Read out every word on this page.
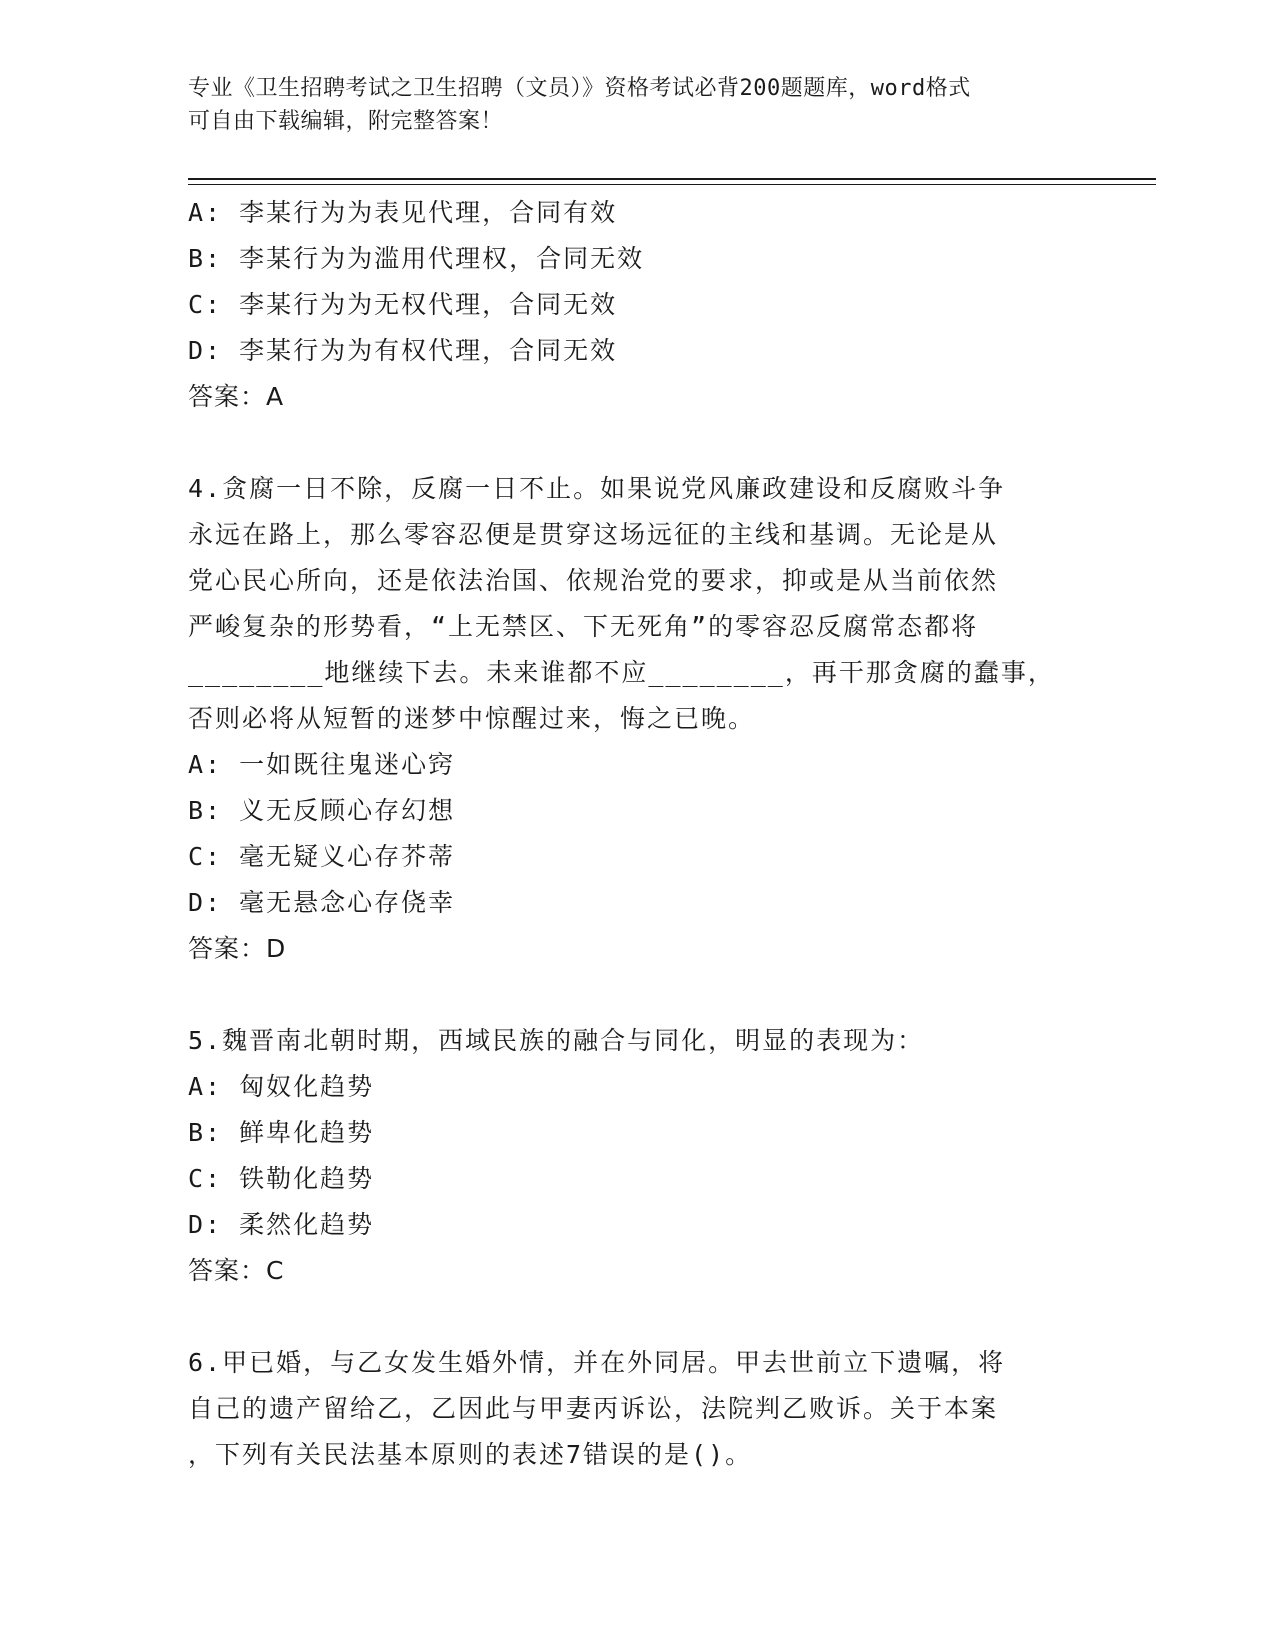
专业《卫生招聘考试之卫生招聘（文员）》资格考试必背200题题库，word格式
可自由下载编辑，附完整答案！
A: 李某行为为表见代理，合同有效
B: 李某行为为滥用代理权，合同无效
C: 李某行为为无权代理，合同无效
D: 李某行为为有权代理，合同无效
答案：A
4.贪腐一日不除，反腐一日不止。如果说党风廉政建设和反腐败斗争
永远在路上，那么零容忍便是贯穿这场远征的主线和基调。无论是从
党心民心所向，还是依法治国、依规治党的要求，抑或是从当前依然
严峻复杂的形势看，“上无禁区、下无死角”的零容忍反腐常态都将
________地继续下去。未来谁都不应________，再干那贪腐的蠢事，
否则必将从短暂的迷梦中惊醒过来，悔之已晚。
A: 一如既往鬼迷心窍
B: 义无反顾心存幻想
C: 毫无疑义心存芥蒂
D: 毫无悬念心存侥幸
答案：D
5.魏晋南北朝时期，西域民族的融合与同化，明显的表现为：
A: 匈奴化趋势
B: 鲜卑化趋势
C: 铁勒化趋势
D: 柔然化趋势
答案：C
6.甲已婚，与乙女发生婚外情，并在外同居。甲去世前立下遗嘱，将
自己的遗产留给乙，乙因此与甲妻丙诉讼，法院判乙败诉。关于本案
，下列有关民法基本原则的表述7错误的是()。
